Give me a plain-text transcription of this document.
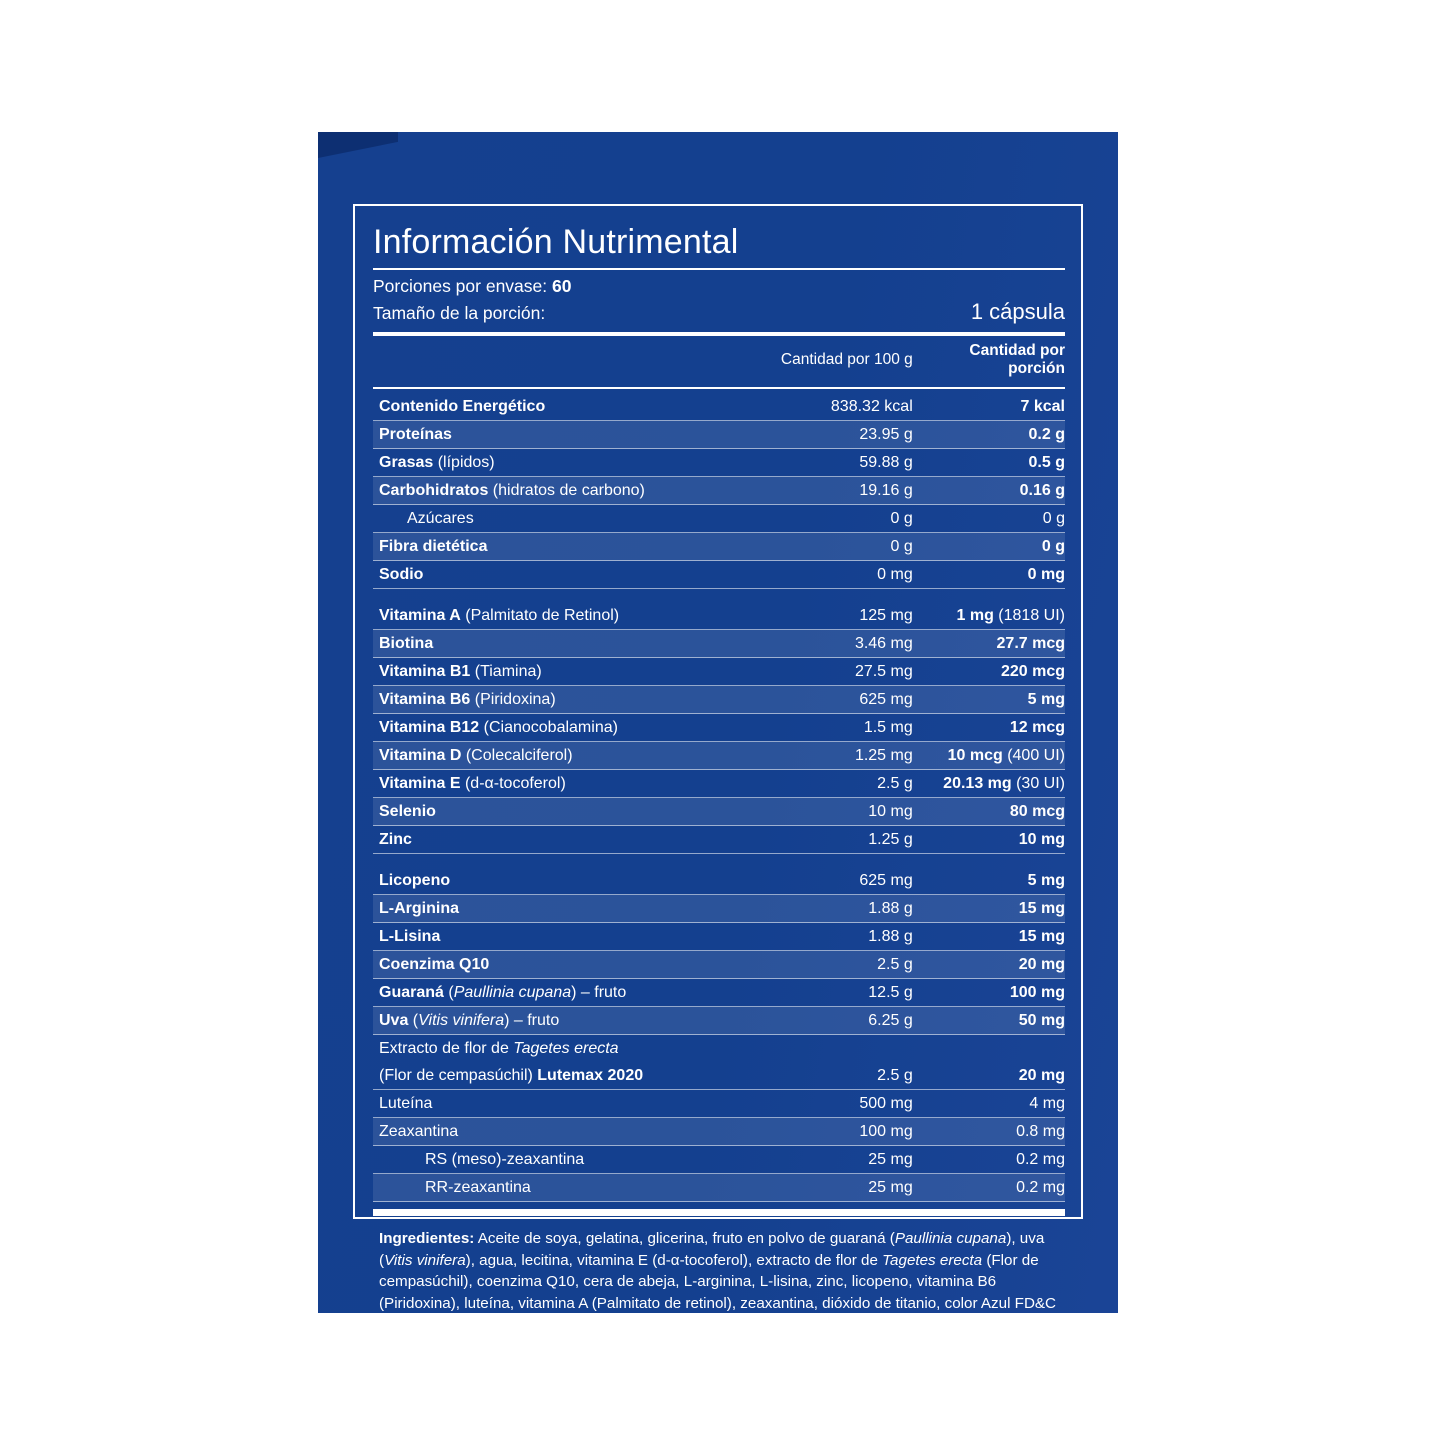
Información Nutrimental
Porciones por envase: 60
Tamaño de la porción:	1 cápsula
	Cantidad por 100 g	Cantidad por porción
Contenido Energético	838.32 kcal	7 kcal
Proteínas	23.95 g	0.2 g
Grasas (lípidos)	59.88 g	0.5 g
Carbohidratos (hidratos de carbono)	19.16 g	0.16 g
Azúcares	0 g	0 g
Fibra dietética	0 g	0 g
Sodio	0 mg	0 mg
Vitamina A (Palmitato de Retinol)	125 mg	1 mg (1818 UI)
Biotina	3.46 mg	27.7 mcg
Vitamina B1 (Tiamina)	27.5 mg	220 mcg
Vitamina B6 (Piridoxina)	625 mg	5 mg
Vitamina B12 (Cianocobalamina)	1.5 mg	12 mcg
Vitamina D (Colecalciferol)	1.25 mg	10 mcg (400 UI)
Vitamina E (d-α-tocoferol)	2.5 g	20.13 mg (30 UI)
Selenio	10 mg	80 mcg
Zinc	1.25 g	10 mg
Licopeno	625 mg	5 mg
L-Arginina	1.88 g	15 mg
L-Lisina	1.88 g	15 mg
Coenzima Q10	2.5 g	20 mg
Guaraná (Paullinia cupana) – fruto	12.5 g	100 mg
Uva (Vitis vinifera) – fruto	6.25 g	50 mg
Extracto de flor de Tagetes erecta		
(Flor de cempasúchil) Lutemax 2020	2.5 g	20 mg
Luteína	500 mg	4 mg
Zeaxantina	100 mg	0.8 mg
RS (meso)-zeaxantina	25 mg	0.2 mg
RR-zeaxantina	25 mg	0.2 mg
Ingredientes: Aceite de soya, gelatina, glicerina, fruto en polvo de guaraná (Paullinia cupana), uva (Vitis vinifera), agua, lecitina, vitamina E (d-α-tocoferol), extracto de flor de Tagetes erecta (Flor de cempasúchil), coenzima Q10, cera de abeja, L-arginina, L-lisina, zinc, licopeno, vitamina B6 (Piridoxina), luteína, vitamina A (Palmitato de retinol), zeaxantina, dióxido de titanio, color Azul FD&C No. 1, etil vainillina, color rojo FD&C No. 40, selenio, vitamina B1 (Tiamina), biotina, vitamina B12 (Cianocobalamina), vitamina D (Colecalciferol).
